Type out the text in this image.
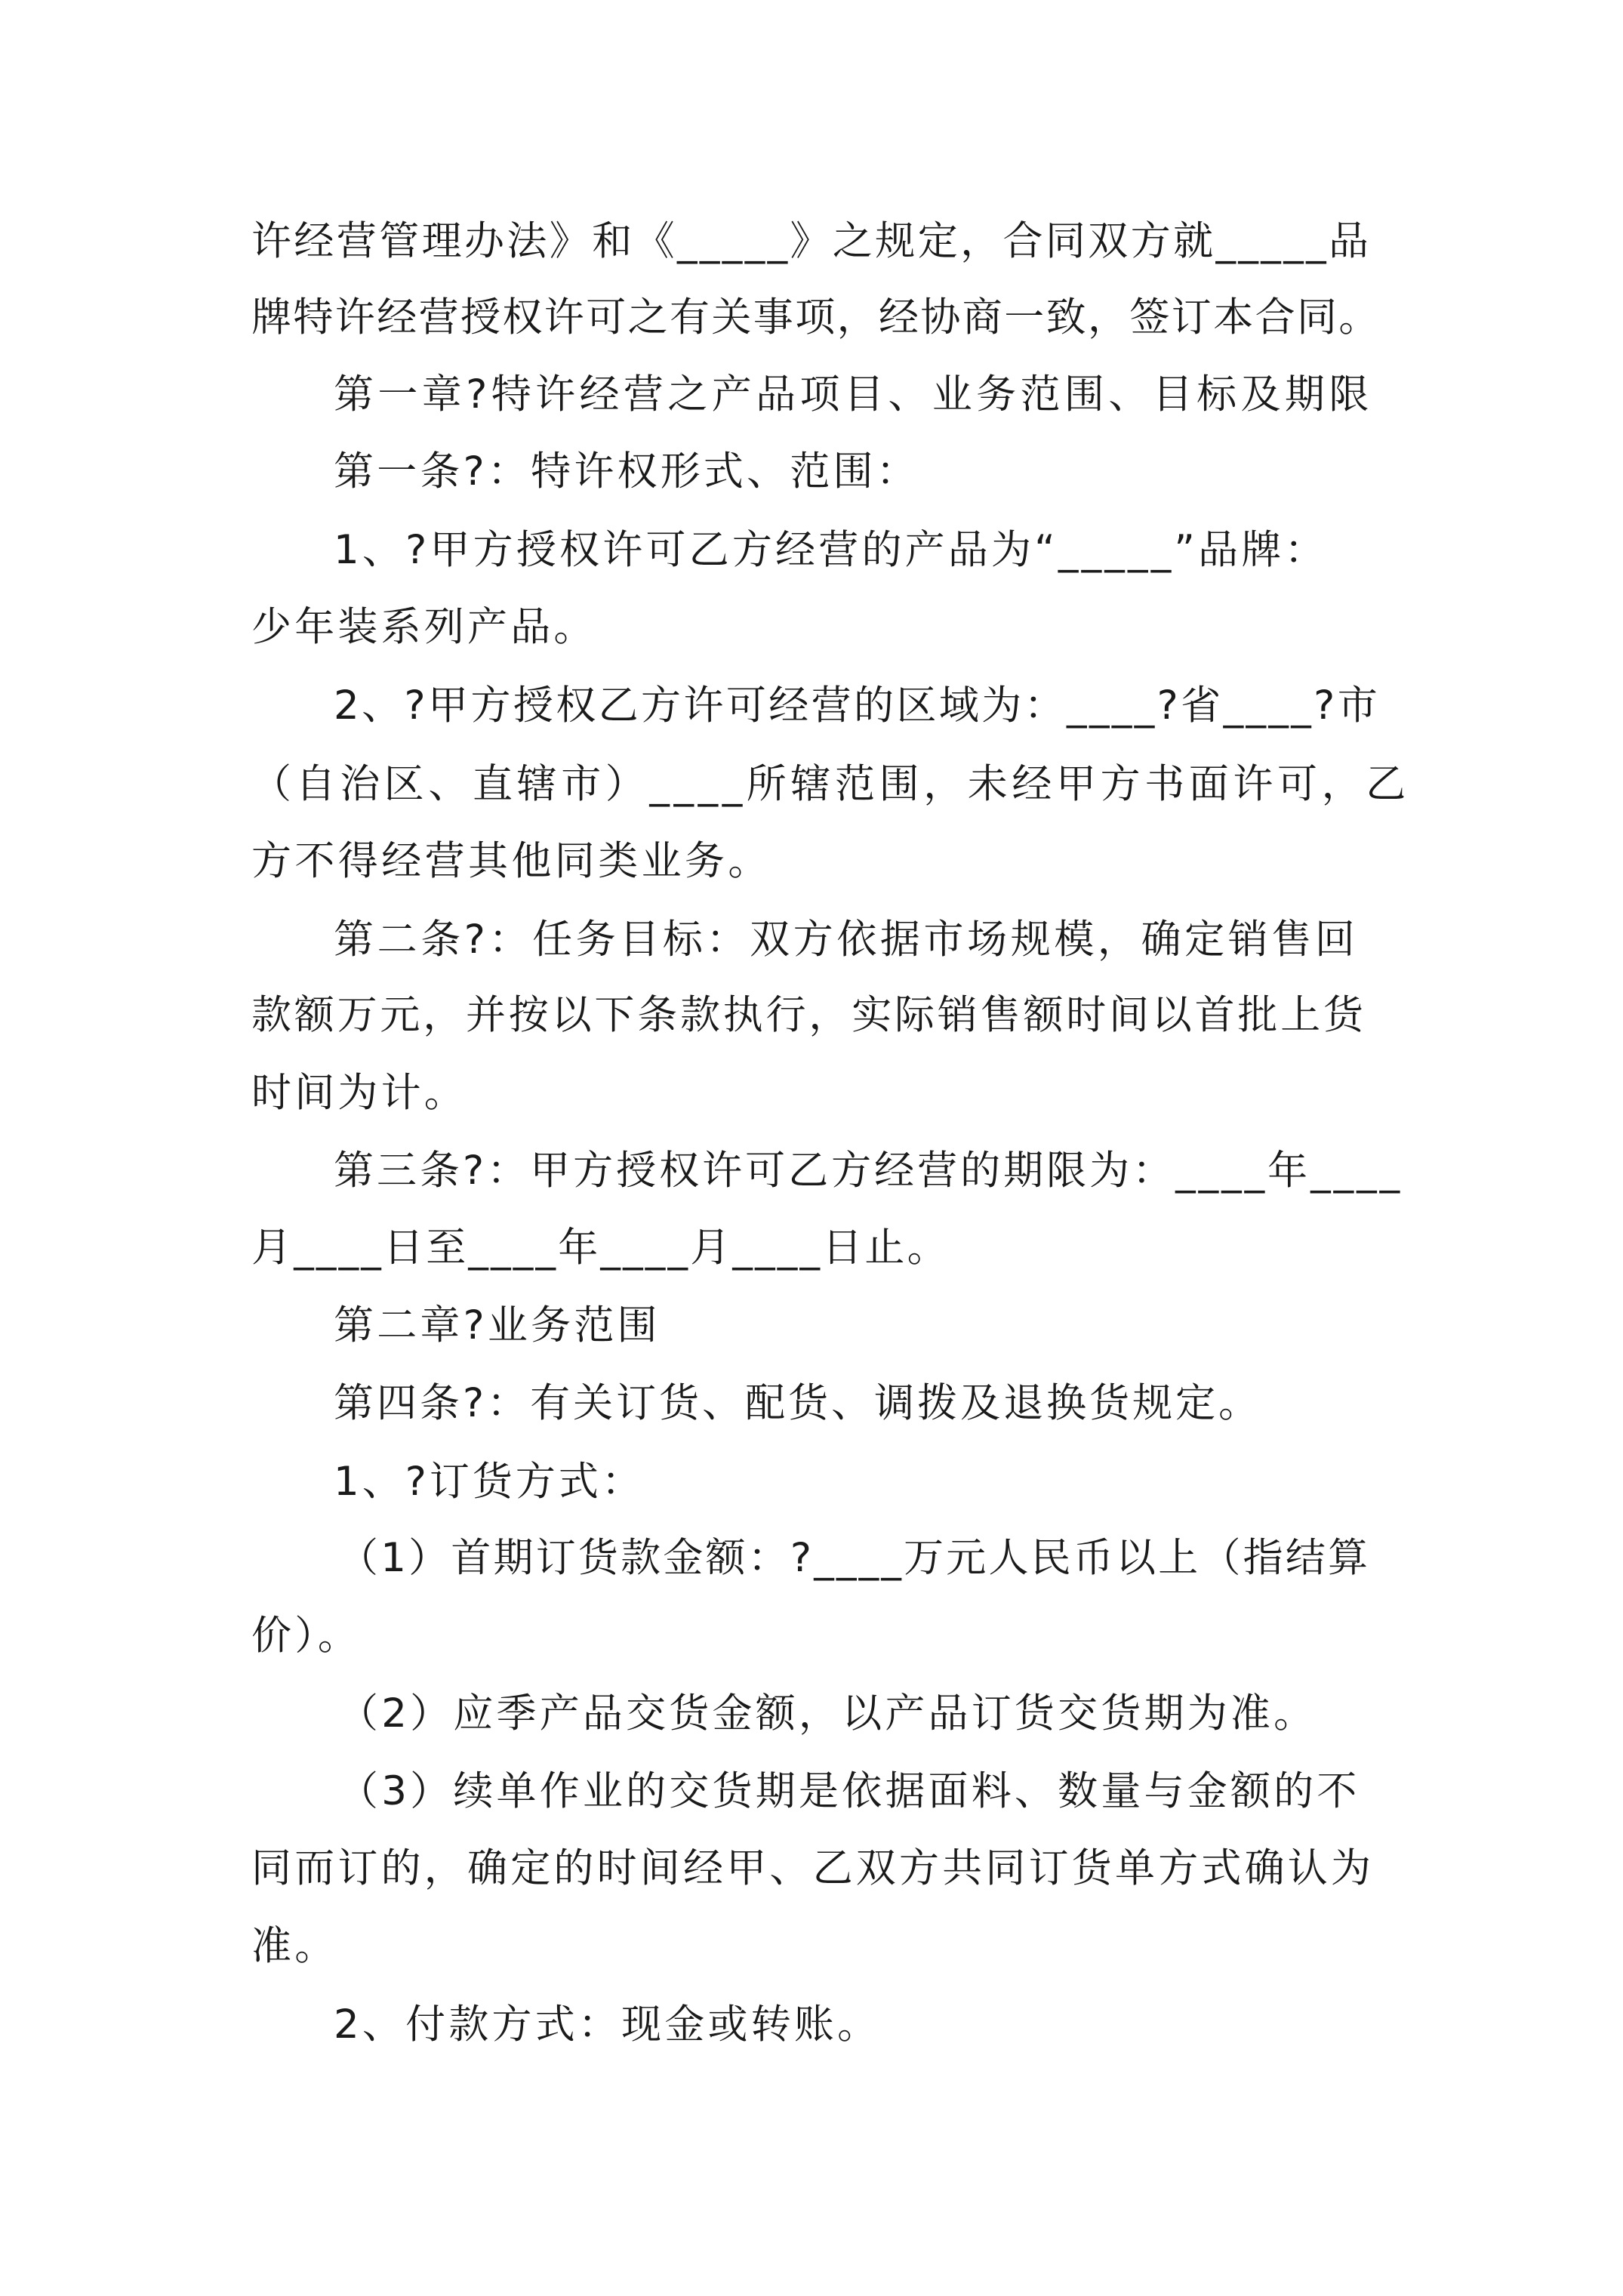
许经营管理办法》和《_____》之规定，合同双方就_____品
牌特许经营授权许可之有关事项，经协商一致，签订本合同。
第一章?特许经营之产品项目、业务范围、目标及期限
第一条?：特许权形式、范围：
1、?甲方授权许可乙方经营的产品为“_____”品牌：
少年装系列产品。
2、?甲方授权乙方许可经营的区域为：____?省____?市
（自治区、直辖市）____所辖范围，未经甲方书面许可，乙
方不得经营其他同类业务。
第二条?：任务目标：双方依据市场规模，确定销售回
款额万元，并按以下条款执行，实际销售额时间以首批上货
时间为计。
第三条?：甲方授权许可乙方经营的期限为：____年____
月____日至____年____月____日止。
第二章?业务范围
第四条?：有关订货、配货、调拨及退换货规定。
1、?订货方式：
（1）首期订货款金额：?____万元人民币以上（指结算
价）。
（2）应季产品交货金额，以产品订货交货期为准。
（3）续单作业的交货期是依据面料、数量与金额的不
同而订的，确定的时间经甲、乙双方共同订货单方式确认为
准。
2、付款方式：现金或转账。
